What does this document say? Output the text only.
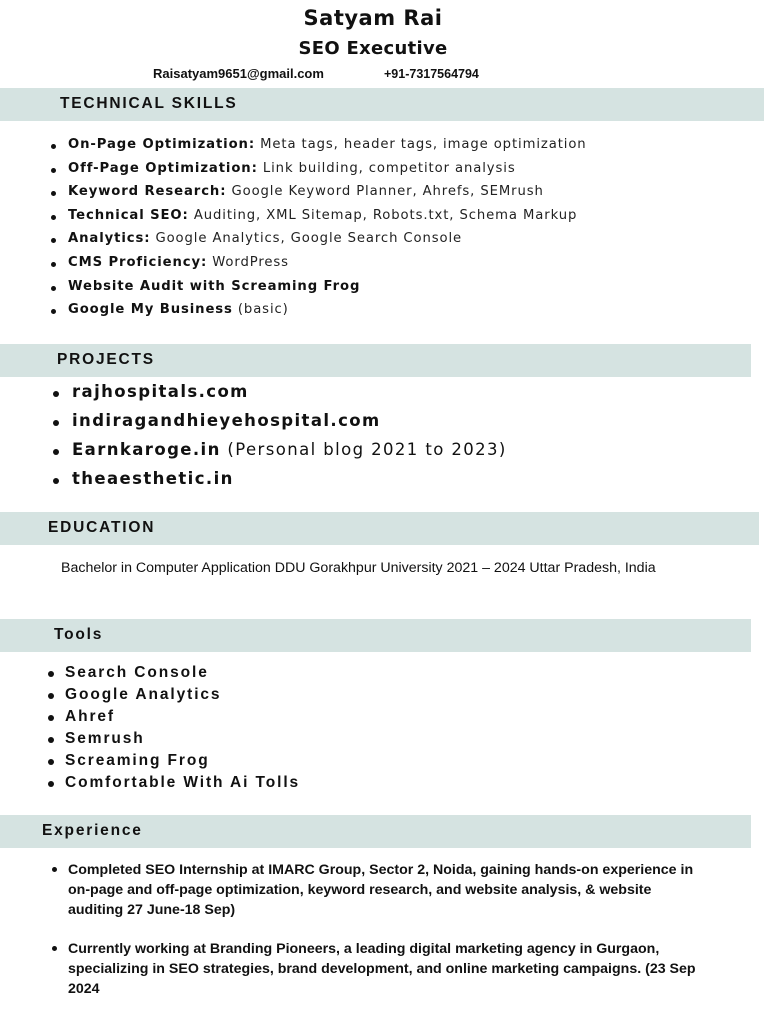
Satyam Rai
SEO Executive
Raisatyam9651@gmail.com	+91-7317564794
TECHNICAL SKILLS
On-Page Optimization: Meta tags, header tags, image optimization
Off-Page Optimization: Link building, competitor analysis
Keyword Research: Google Keyword Planner, Ahrefs, SEMrush
Technical SEO: Auditing, XML Sitemap, Robots.txt, Schema Markup
Analytics: Google Analytics, Google Search Console
CMS Proficiency: WordPress
Website Audit with Screaming Frog
Google My Business (basic)
PROJECTS
rajhospitals.com
indiragandhieyehospital.com
Earnkaroge.in (Personal blog 2021 to 2023)
theaesthetic.in
EDUCATION
Bachelor in Computer Application DDU Gorakhpur University 2021 – 2024 Uttar Pradesh, India
Tools
Search Console
Google Analytics
Ahref
Semrush
Screaming Frog
Comfortable With Ai Tolls
Experience
Completed SEO Internship at IMARC Group, Sector 2, Noida, gaining hands-on experience in on-page and off-page optimization, keyword research, and website analysis, & website auditing 27 June-18 Sep)
Currently working at Branding Pioneers, a leading digital marketing agency in Gurgaon, specializing in SEO strategies, brand development, and online marketing campaigns. (23 Sep 2024
